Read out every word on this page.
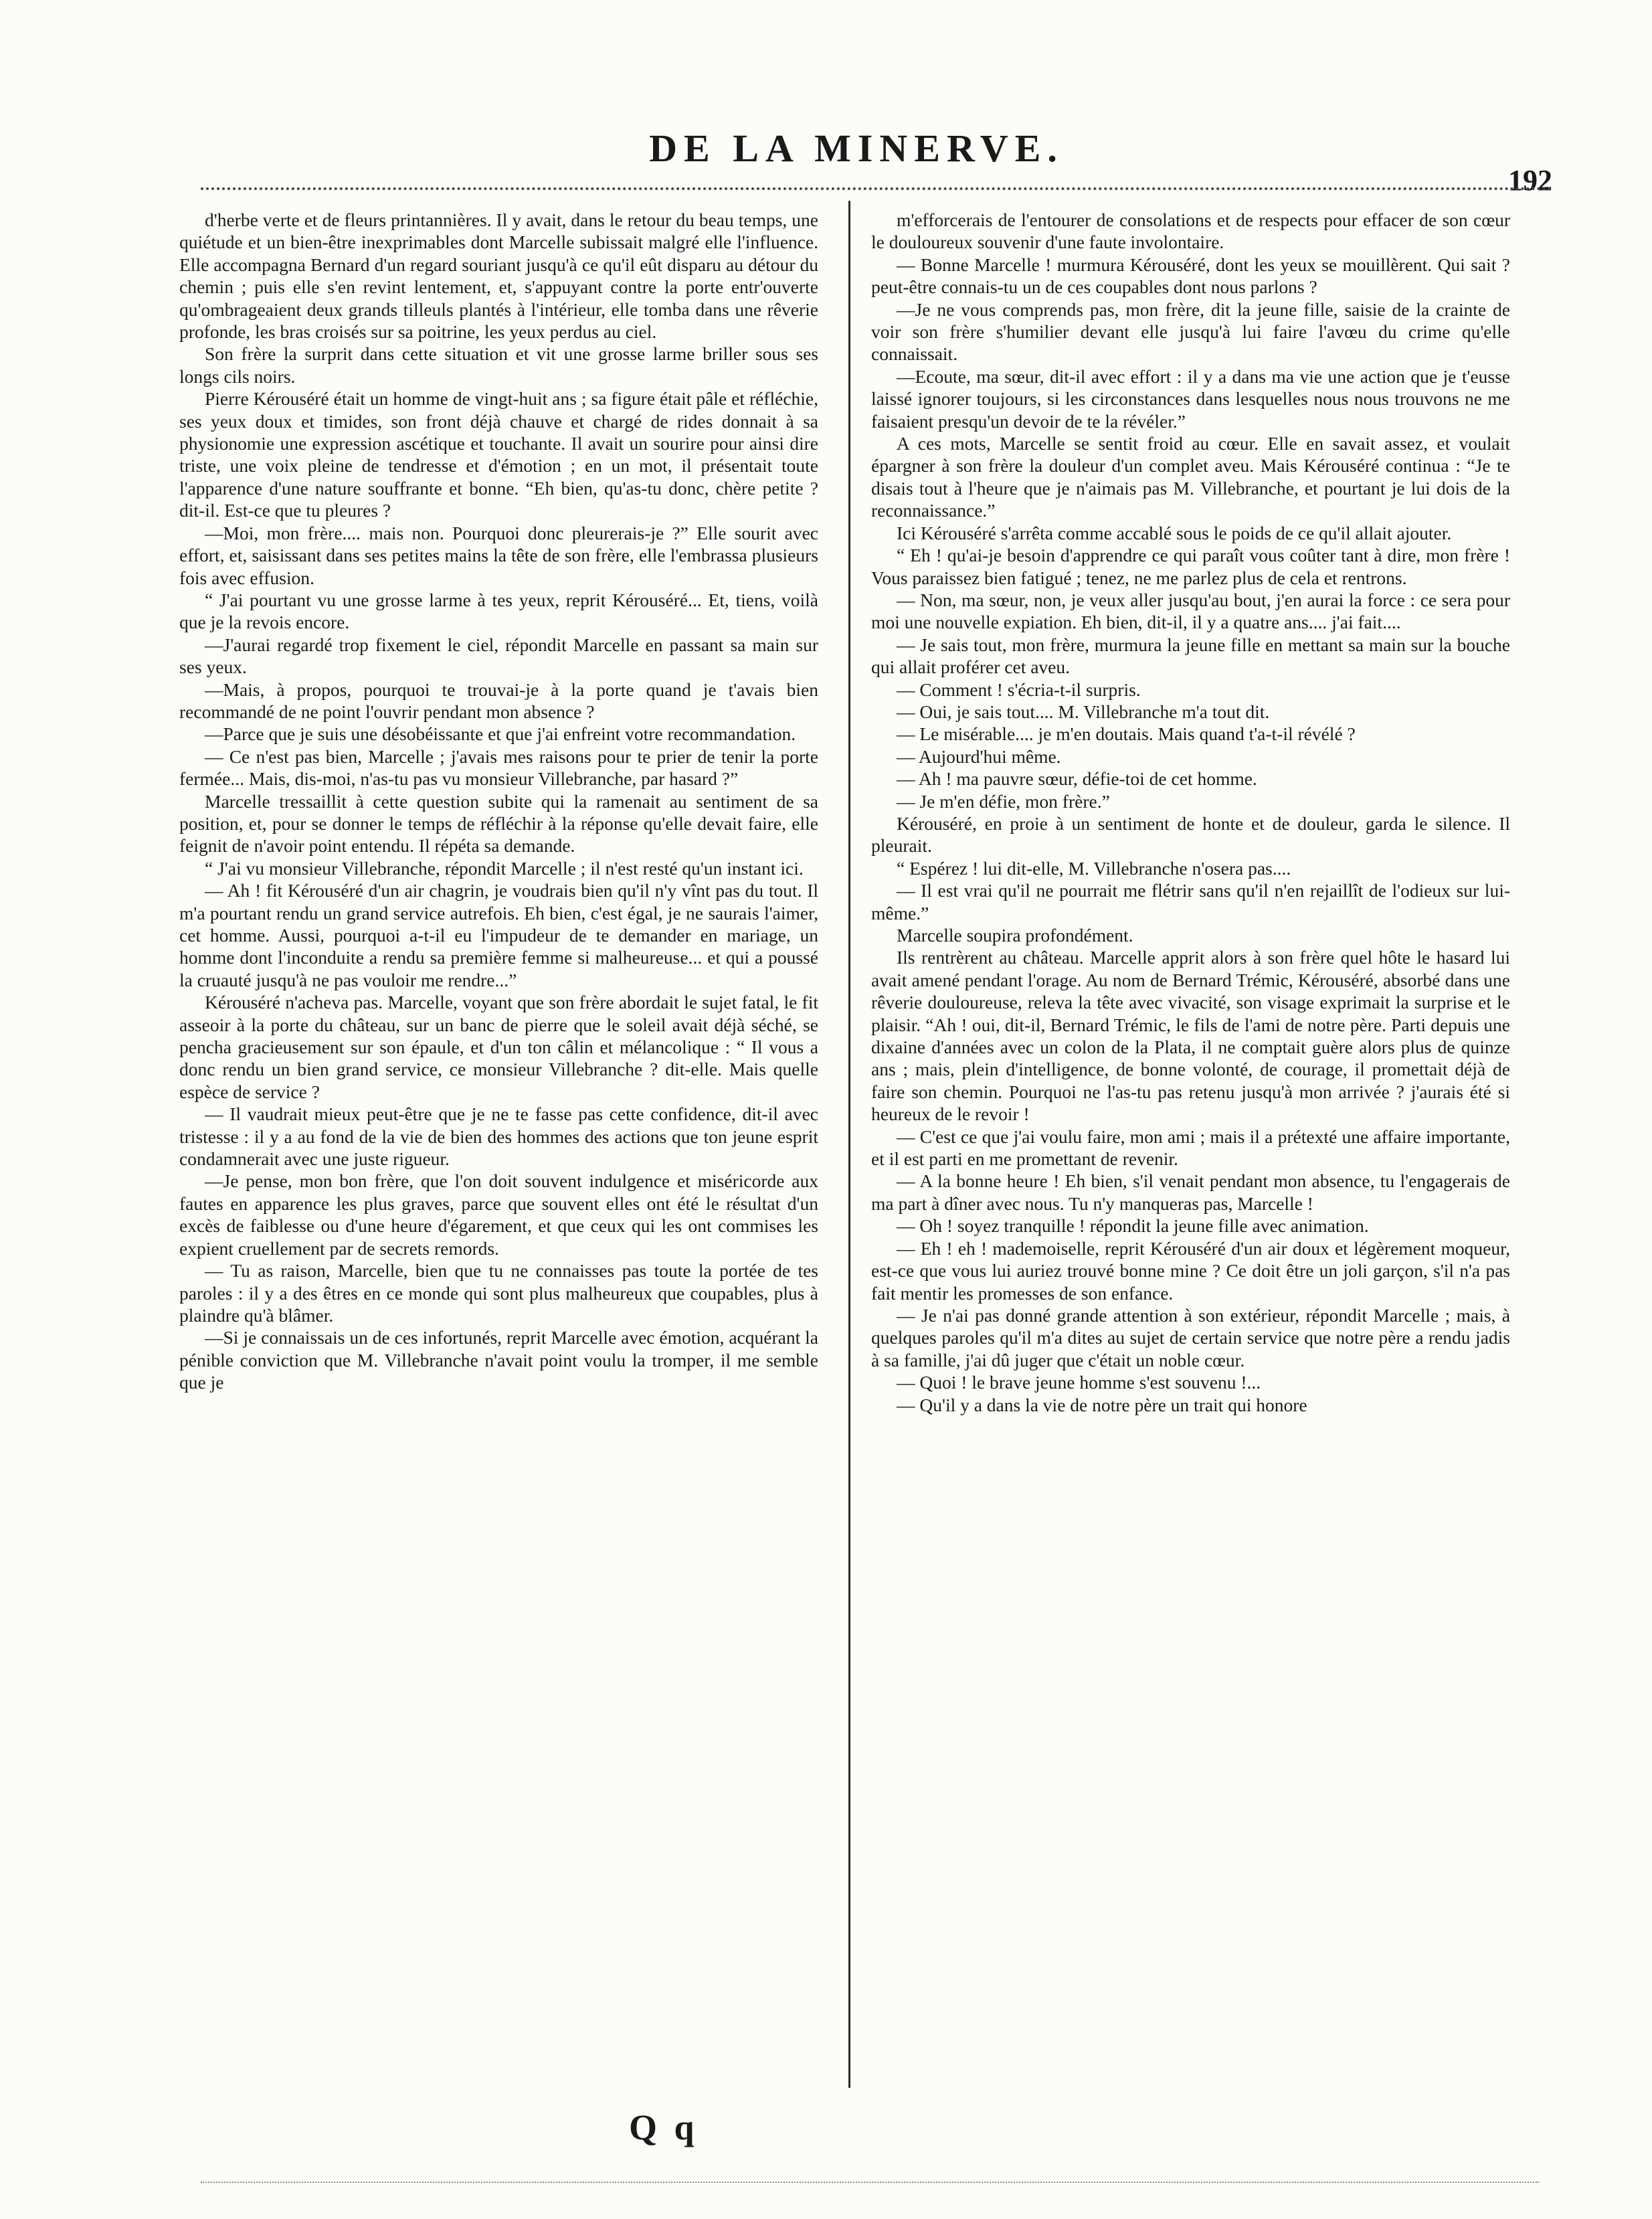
DE LA MINERVE.
192

d'herbe verte et de fleurs printannières. Il y avait, dans le retour du beau temps, une quiétude et un bien-être inexprimables dont Marcelle subissait malgré elle l'influence. Elle accompagna Bernard d'un regard souriant jusqu'à ce qu'il eût disparu au détour du chemin ; puis elle s'en revint lentement, et, s'appuyant contre la porte entr'ouverte qu'ombrageaient deux grands tilleuls plantés à l'intérieur, elle tomba dans une rêverie profonde, les bras croisés sur sa poitrine, les yeux perdus au ciel.

Son frère la surprit dans cette situation et vit une grosse larme briller sous ses longs cils noirs.

Pierre Kérouséré était un homme de vingt-huit ans ; sa figure était pâle et réfléchie, ses yeux doux et timides, son front déjà chauve et chargé de rides donnait à sa physionomie une expression ascétique et touchante. Il avait un sourire pour ainsi dire triste, une voix pleine de tendresse et d'émotion ; en un mot, il présentait toute l'apparence d'une nature souffrante et bonne. “Eh bien, qu'as-tu donc, chère petite ? dit-il. Est-ce que tu pleures ?

—Moi, mon frère.... mais non. Pourquoi donc pleurerais-je ?” Elle sourit avec effort, et, saisissant dans ses petites mains la tête de son frère, elle l'embrassa plusieurs fois avec effusion.

“ J'ai pourtant vu une grosse larme à tes yeux, reprit Kérouséré... Et, tiens, voilà que je la revois encore.

—J'aurai regardé trop fixement le ciel, répondit Marcelle en passant sa main sur ses yeux.

—Mais, à propos, pourquoi te trouvai-je à la porte quand je t'avais bien recommandé de ne point l'ouvrir pendant mon absence ?

—Parce que je suis une désobéissante et que j'ai enfreint votre recommandation.

— Ce n'est pas bien, Marcelle ; j'avais mes raisons pour te prier de tenir la porte fermée... Mais, dis-moi, n'as-tu pas vu monsieur Villebranche, par hasard ?”

Marcelle tressaillit à cette question subite qui la ramenait au sentiment de sa position, et, pour se donner le temps de réfléchir à la réponse qu'elle devait faire, elle feignit de n'avoir point entendu. Il répéta sa demande.

“ J'ai vu monsieur Villebranche, répondit Marcelle ; il n'est resté qu'un instant ici.

— Ah ! fit Kérouséré d'un air chagrin, je voudrais bien qu'il n'y vînt pas du tout. Il m'a pourtant rendu un grand service autrefois. Eh bien, c'est égal, je ne saurais l'aimer, cet homme. Aussi, pourquoi a-t-il eu l'impudeur de te demander en mariage, un homme dont l'inconduite a rendu sa première femme si malheureuse... et qui a poussé la cruauté jusqu'à ne pas vouloir me rendre...”

Kérouséré n'acheva pas. Marcelle, voyant que son frère abordait le sujet fatal, le fit asseoir à la porte du château, sur un banc de pierre que le soleil avait déjà séché, se pencha gracieusement sur son épaule, et d'un ton câlin et mélancolique : “ Il vous a donc rendu un bien grand service, ce monsieur Villebranche ? dit-elle. Mais quelle espèce de service ?

— Il vaudrait mieux peut-être que je ne te fasse pas cette confidence, dit-il avec tristesse : il y a au fond de la vie de bien des hommes des actions que ton jeune esprit condamnerait avec une juste rigueur.

—Je pense, mon bon frère, que l'on doit souvent indulgence et miséricorde aux fautes en apparence les plus graves, parce que souvent elles ont été le résultat d'un excès de faiblesse ou d'une heure d'égarement, et que ceux qui les ont commises les expient cruellement par de secrets remords.

— Tu as raison, Marcelle, bien que tu ne connaisses pas toute la portée de tes paroles : il y a des êtres en ce monde qui sont plus malheureux que coupables, plus à plaindre qu'à blâmer.

—Si je connaissais un de ces infortunés, reprit Marcelle avec émotion, acquérant la pénible conviction que M. Villebranche n'avait point voulu la tromper, il me semble que je

m'efforcerais de l'entourer de consolations et de respects pour effacer de son cœur le douloureux souvenir d'une faute involontaire.

— Bonne Marcelle ! murmura Kérouséré, dont les yeux se mouillèrent. Qui sait ? peut-être connais-tu un de ces coupables dont nous parlons ?

—Je ne vous comprends pas, mon frère, dit la jeune fille, saisie de la crainte de voir son frère s'humilier devant elle jusqu'à lui faire l'avœu du crime qu'elle connaissait.

—Ecoute, ma sœur, dit-il avec effort : il y a dans ma vie une action que je t'eusse laissé ignorer toujours, si les circonstances dans lesquelles nous nous trouvons ne me faisaient presqu'un devoir de te la révéler.”

A ces mots, Marcelle se sentit froid au cœur. Elle en savait assez, et voulait épargner à son frère la douleur d'un complet aveu. Mais Kérouséré continua : “Je te disais tout à l'heure que je n'aimais pas M. Villebranche, et pourtant je lui dois de la reconnaissance.”

Ici Kérouséré s'arrêta comme accablé sous le poids de ce qu'il allait ajouter.

“ Eh ! qu'ai-je besoin d'apprendre ce qui paraît vous coûter tant à dire, mon frère ! Vous paraissez bien fatigué ; tenez, ne me parlez plus de cela et rentrons.

— Non, ma sœur, non, je veux aller jusqu'au bout, j'en aurai la force : ce sera pour moi une nouvelle expiation. Eh bien, dit-il, il y a quatre ans.... j'ai fait....

— Je sais tout, mon frère, murmura la jeune fille en mettant sa main sur la bouche qui allait proférer cet aveu.

— Comment ! s'écria-t-il surpris.

— Oui, je sais tout.... M. Villebranche m'a tout dit.

— Le misérable.... je m'en doutais. Mais quand t'a-t-il révélé ?

— Aujourd'hui même.

— Ah ! ma pauvre sœur, défie-toi de cet homme.

— Je m'en défie, mon frère.”

Kérouséré, en proie à un sentiment de honte et de douleur, garda le silence. Il pleurait.

“ Espérez ! lui dit-elle, M. Villebranche n'osera pas....

— Il est vrai qu'il ne pourrait me flétrir sans qu'il n'en rejaillît de l'odieux sur lui-même.”

Marcelle soupira profondément.

Ils rentrèrent au château. Marcelle apprit alors à son frère quel hôte le hasard lui avait amené pendant l'orage. Au nom de Bernard Trémic, Kérouséré, absorbé dans une rêverie douloureuse, releva la tête avec vivacité, son visage exprimait la surprise et le plaisir. “Ah ! oui, dit-il, Bernard Trémic, le fils de l'ami de notre père. Parti depuis une dixaine d'années avec un colon de la Plata, il ne comptait guère alors plus de quinze ans ; mais, plein d'intelligence, de bonne volonté, de courage, il promettait déjà de faire son chemin. Pourquoi ne l'as-tu pas retenu jusqu'à mon arrivée ? j'aurais été si heureux de le revoir !

— C'est ce que j'ai voulu faire, mon ami ; mais il a prétexté une affaire importante, et il est parti en me promettant de revenir.

— A la bonne heure ! Eh bien, s'il venait pendant mon absence, tu l'engagerais de ma part à dîner avec nous. Tu n'y manqueras pas, Marcelle !

— Oh ! soyez tranquille ! répondit la jeune fille avec animation.

— Eh ! eh ! mademoiselle, reprit Kérouséré d'un air doux et légèrement moqueur, est-ce que vous lui auriez trouvé bonne mine ? Ce doit être un joli garçon, s'il n'a pas fait mentir les promesses de son enfance.

— Je n'ai pas donné grande attention à son extérieur, répondit Marcelle ; mais, à quelques paroles qu'il m'a dites au sujet de certain service que notre père a rendu jadis à sa famille, j'ai dû juger que c'était un noble cœur.

— Quoi ! le brave jeune homme s'est souvenu !...

— Qu'il y a dans la vie de notre père un trait qui honore

Q q
